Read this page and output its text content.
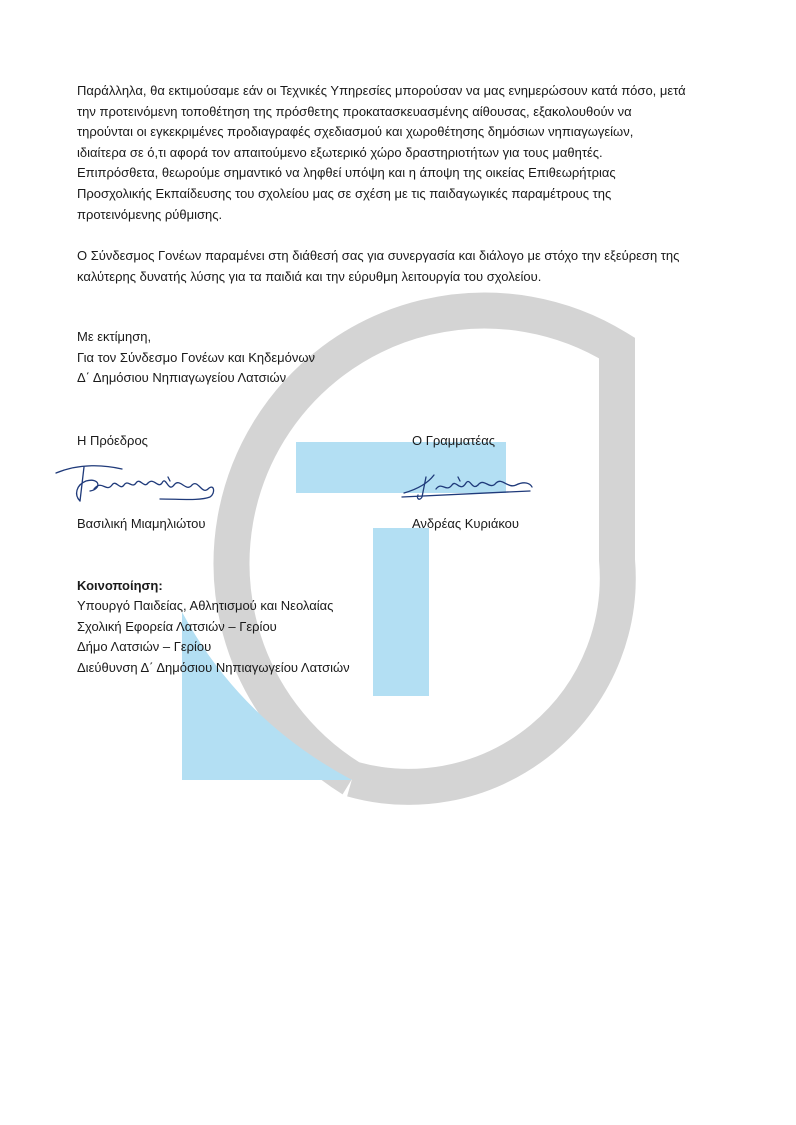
Παράλληλα, θα εκτιμούσαμε εάν οι Τεχνικές Υπηρεσίες μπορούσαν να μας ενημερώσουν κατά πόσο, μετά
την προτεινόμενη τοποθέτηση της πρόσθετης προκατασκευασμένης αίθουσας, εξακολουθούν να
τηρούνται οι εγκεκριμένες προδιαγραφές σχεδιασμού και χωροθέτησης δημόσιων νηπιαγωγείων,
ιδιαίτερα σε ό,τι αφορά τον απαιτούμενο εξωτερικό χώρο δραστηριοτήτων για τους μαθητές.
Επιπρόσθετα, θεωρούμε σημαντικό να ληφθεί υπόψη και η άποψη της οικείας Επιθεωρήτριας
Προσχολικής Εκπαίδευσης του σχολείου μας σε σχέση με τις παιδαγωγικές παραμέτρους της
προτεινόμενης ρύθμισης.

Ο Σύνδεσμος Γονέων παραμένει στη διάθεσή σας για συνεργασία και διάλογο με στόχο την εξεύρεση της
καλύτερης δυνατής λύσης για τα παιδιά και την εύρυθμη λειτουργία του σχολείου.

Με εκτίμηση,

Για τον Σύνδεσμο Γονέων και Κηδεμόνων

Δ΄ Δημόσιου Νηπιαγωγείου Λατσιών

Η Πρόεδρος	Ο Γραμματέας

Βασιλική Μιαμηλιώτου	Ανδρέας Κυριάκου

Κοινοποίηση:

Υπουργό Παιδείας, Αθλητισμού και Νεολαίας

Σχολική Εφορεία Λατσιών – Γερίου

Δήμο Λατσιών – Γερίου

Διεύθυνση Δ΄ Δημόσιου Νηπιαγωγείου Λατσιών
